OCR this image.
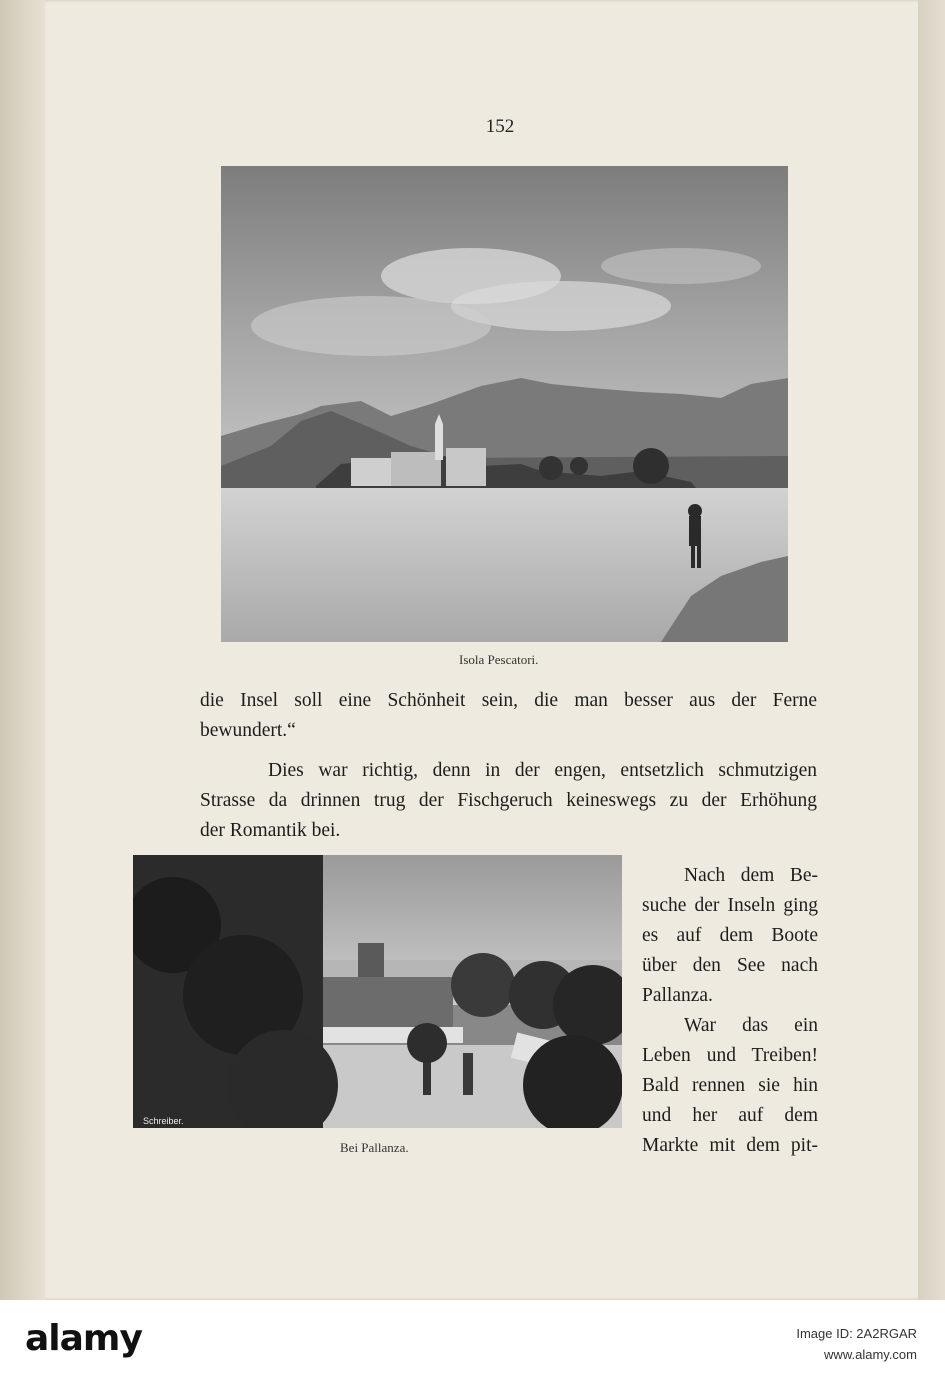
152
Isola Pescatori.
die Insel soll eine Schönheit sein, die man besser aus der Ferne
bewundert.“
Dies war richtig, denn in der engen, entsetzlich schmutzigen
Strasse da drinnen trug der Fischgeruch keineswegs zu der Erhöhung
der Romantik bei.
Schreiber.
Bei Pallanza.
Nach dem Be-
suche der Inseln ging
es auf dem Boote
über den See nach
Pallanza.
War das ein
Leben und Treiben!
Bald rennen sie hin
und her auf dem
Markte mit dem pit-
alamy	Image ID: 2A2RGAR
www.alamy.com
